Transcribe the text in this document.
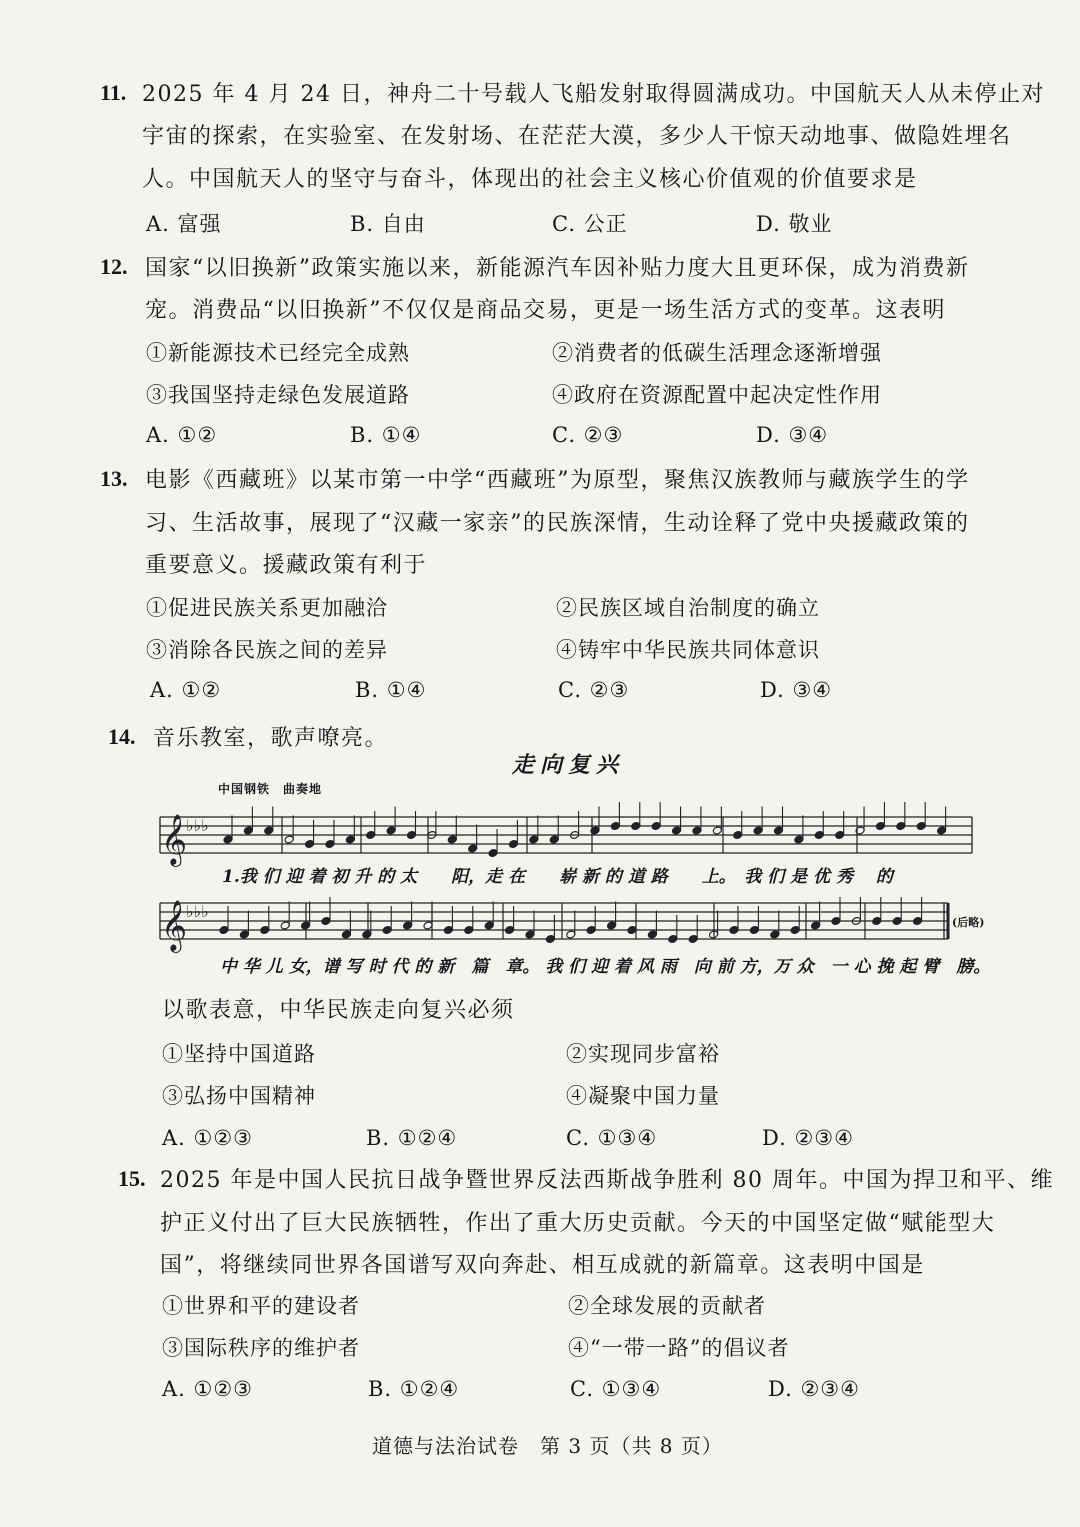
11. 2025 年 4 月 24 日，神舟二十号载人飞船发射取得圆满成功。中国航天人从未停止对
宇宙的探索，在实验室、在发射场、在茫茫大漠，多少人干惊天动地事、做隐姓埋名
人。中国航天人的坚守与奋斗，体现出的社会主义核心价值观的价值要求是
A. 富强	B. 自由	C. 公正	D. 敬业
12. 国家“以旧换新”政策实施以来，新能源汽车因补贴力度大且更环保，成为消费新
宠。消费品“以旧换新”不仅仅是商品交易，更是一场生活方式的变革。这表明
①新能源技术已经完全成熟	②消费者的低碳生活理念逐渐增强
③我国坚持走绿色发展道路	④政府在资源配置中起决定性作用
A. ①②	B. ①④	C. ②③	D. ③④
13. 电影《西藏班》以某市第一中学“西藏班”为原型，聚焦汉族教师与藏族学生的学
习、生活故事，展现了“汉藏一家亲”的民族深情，生动诠释了党中央援藏政策的
重要意义。援藏政策有利于
①促进民族关系更加融洽	②民族区域自治制度的确立
③消除各民族之间的差异	④铸牢中华民族共同体意识
A. ①②	B. ①④	C. ②③	D. ③④
14. 音乐教室，歌声嘹亮。
走向复兴
中国钢铁　曲奏地
𝄞
𝄞
♭♭♭
♭♭♭
1.我 们 迎 着 初 升 的 太　　阳，走 在　　崭 新 的 道 路　　上。　我 们 是 优 秀　 的
中 华 儿 女，谱 写 时 代 的 新　篇　章。 我 们 迎 着 风 雨　向 前 方，万 众　一 心 挽 起 臂　膀。
(后略)
以歌表意，中华民族走向复兴必须
①坚持中国道路	②实现同步富裕
③弘扬中国精神	④凝聚中国力量
A. ①②③	B. ①②④	C. ①③④	D. ②③④
15. 2025 年是中国人民抗日战争暨世界反法西斯战争胜利 80 周年。中国为捍卫和平、维
护正义付出了巨大民族牺牲，作出了重大历史贡献。今天的中国坚定做“赋能型大
国”，将继续同世界各国谱写双向奔赴、相互成就的新篇章。这表明中国是
①世界和平的建设者	②全球发展的贡献者
③国际秩序的维护者	④“一带一路”的倡议者
A. ①②③	B. ①②④	C. ①③④	D. ②③④
道德与法治试卷　第 3 页（共 8 页）
